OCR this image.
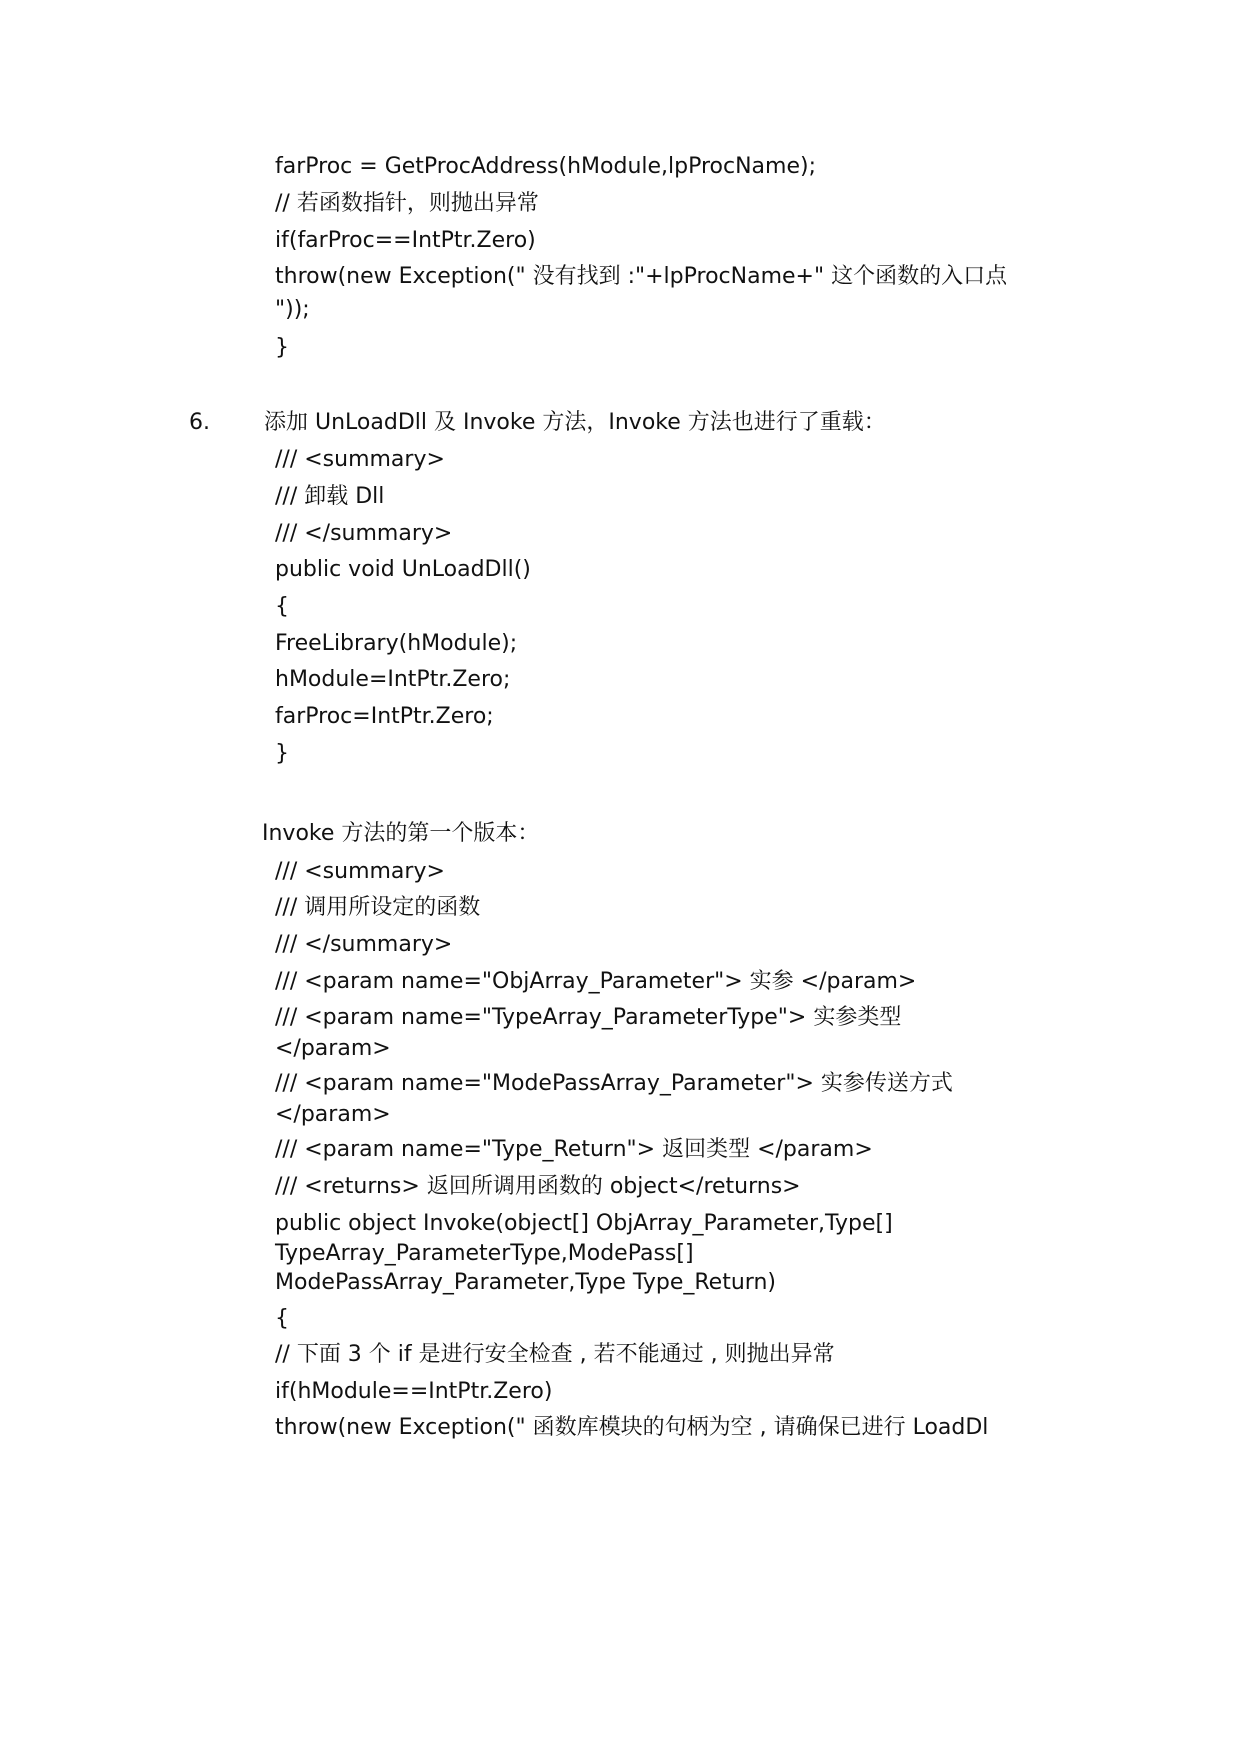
farProc = GetProcAddress(hModule,lpProcName);
// 若函数指针，则抛出异常
if(farProc==IntPtr.Zero)
throw(new Exception(" 没有找到 :"+lpProcName+" 这个函数的入口点
"));
}
6. 添加 UnLoadDll 及 Invoke 方法，Invoke 方法也进行了重载：
/// <summary>
/// 卸载 Dll
/// </summary>
public void UnLoadDll()
{
FreeLibrary(hModule);
hModule=IntPtr.Zero;
farProc=IntPtr.Zero;
}
Invoke 方法的第一个版本：
/// <summary>
/// 调用所设定的函数
/// </summary>
/// <param name="ObjArray_Parameter"> 实参 </param>
/// <param name="TypeArray_ParameterType"> 实参类型
</param>
/// <param name="ModePassArray_Parameter"> 实参传送方式
</param>
/// <param name="Type_Return"> 返回类型 </param>
/// <returns> 返回所调用函数的 object</returns>
public object Invoke(object[] ObjArray_Parameter,Type[]
TypeArray_ParameterType,ModePass[]
ModePassArray_Parameter,Type Type_Return)
{
// 下面 3 个 if 是进行安全检查 , 若不能通过 , 则抛出异常
if(hModule==IntPtr.Zero)
throw(new Exception(" 函数库模块的句柄为空 , 请确保已进行 LoadDl
